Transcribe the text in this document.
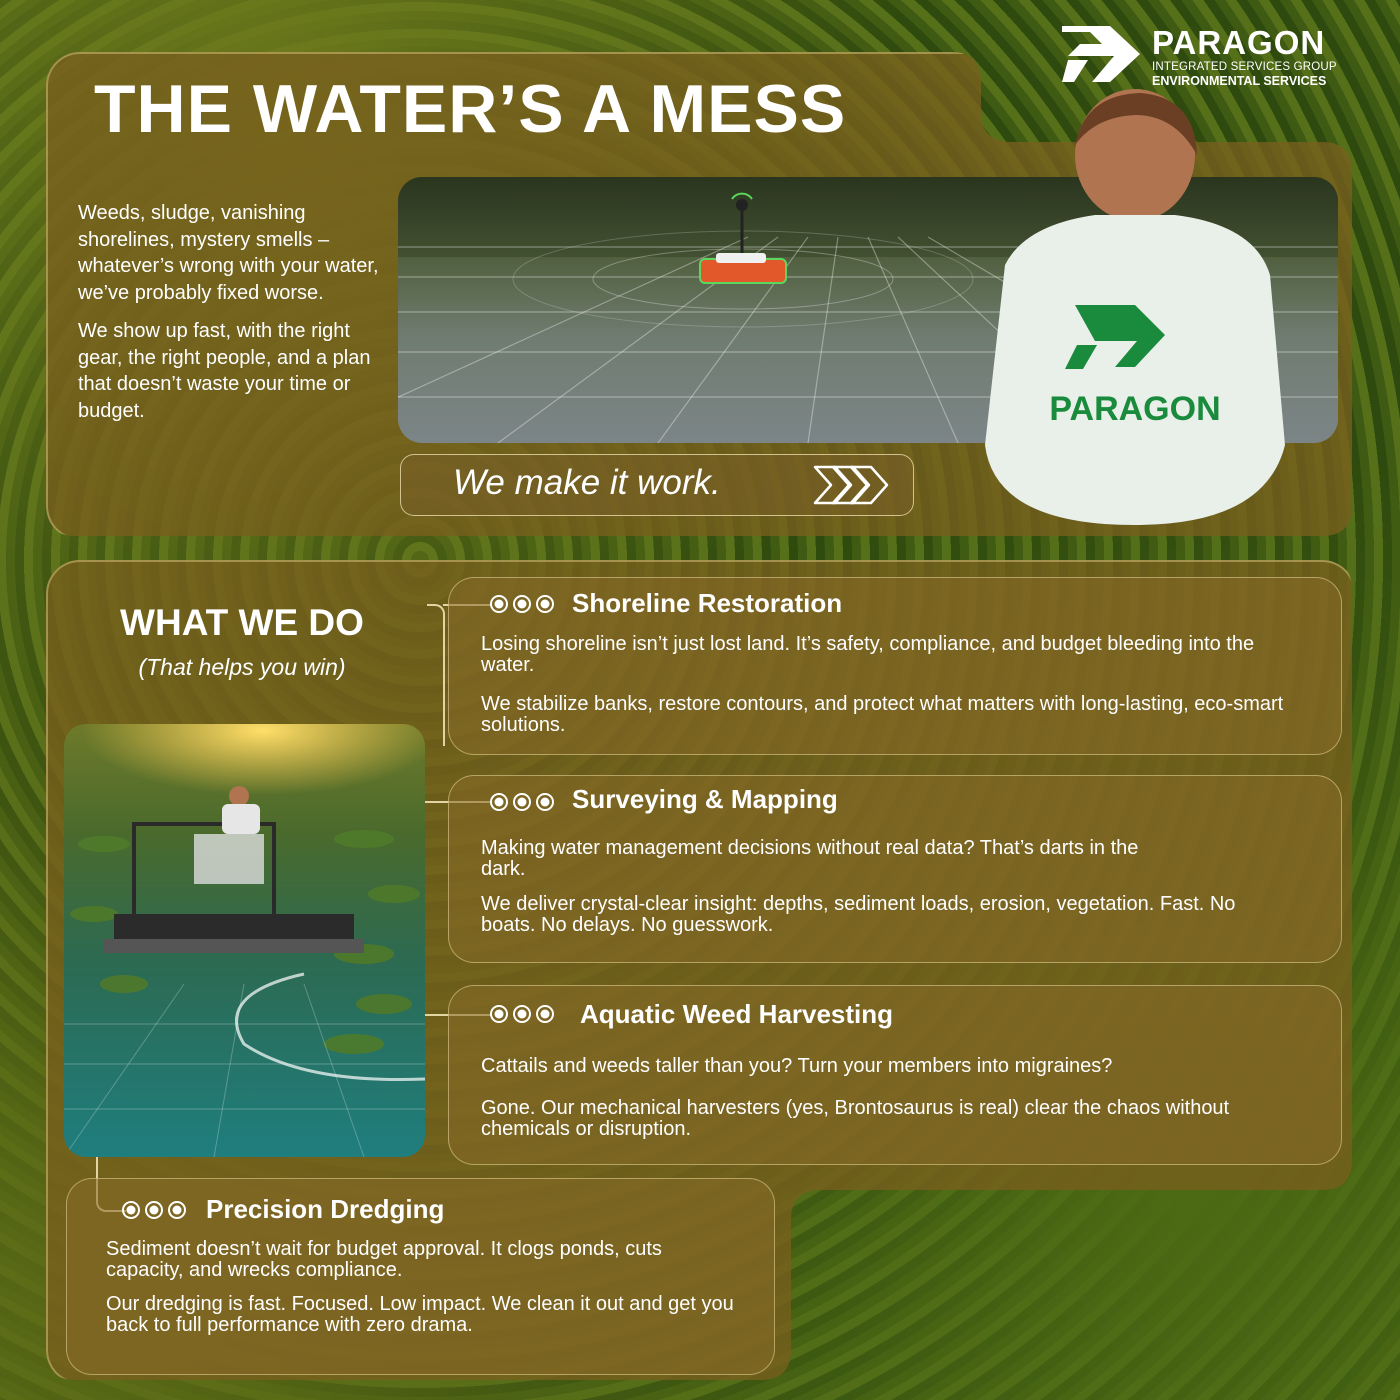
PARAGON
INTEGRATED SERVICES GROUP
ENVIRONMENTAL SERVICES
THE WATER’S A MESS

Weeds, sludge, vanishing shorelines, mystery smells – whatever’s wrong with your water, we’ve probably fixed worse.

We show up fast, with the right gear, the right people, and a plan that doesn’t waste your time or budget.	PARAGON
We make it work.
WHAT WE DO
(That helps you win)
Shoreline Restoration

Losing shoreline isn’t just lost land. It’s safety, compliance, and budget bleeding into the water.

We stabilize banks, restore contours, and protect what matters with long-lasting, eco-smart solutions.

Surveying & Mapping

Making water management decisions without real data? That’s darts in the dark.

We deliver crystal-clear insight: depths, sediment loads, erosion, vegetation. Fast. No boats. No delays. No guesswork.

Aquatic Weed Harvesting

Cattails and weeds taller than you? Turn your members into migraines?

Gone. Our mechanical harvesters (yes, Brontosaurus is real) clear the chaos without chemicals or disruption.

Precision Dredging

Sediment doesn’t wait for budget approval. It clogs ponds, cuts capacity, and wrecks compliance.

Our dredging is fast. Focused. Low impact. We clean it out and get you back to full performance with zero drama.
